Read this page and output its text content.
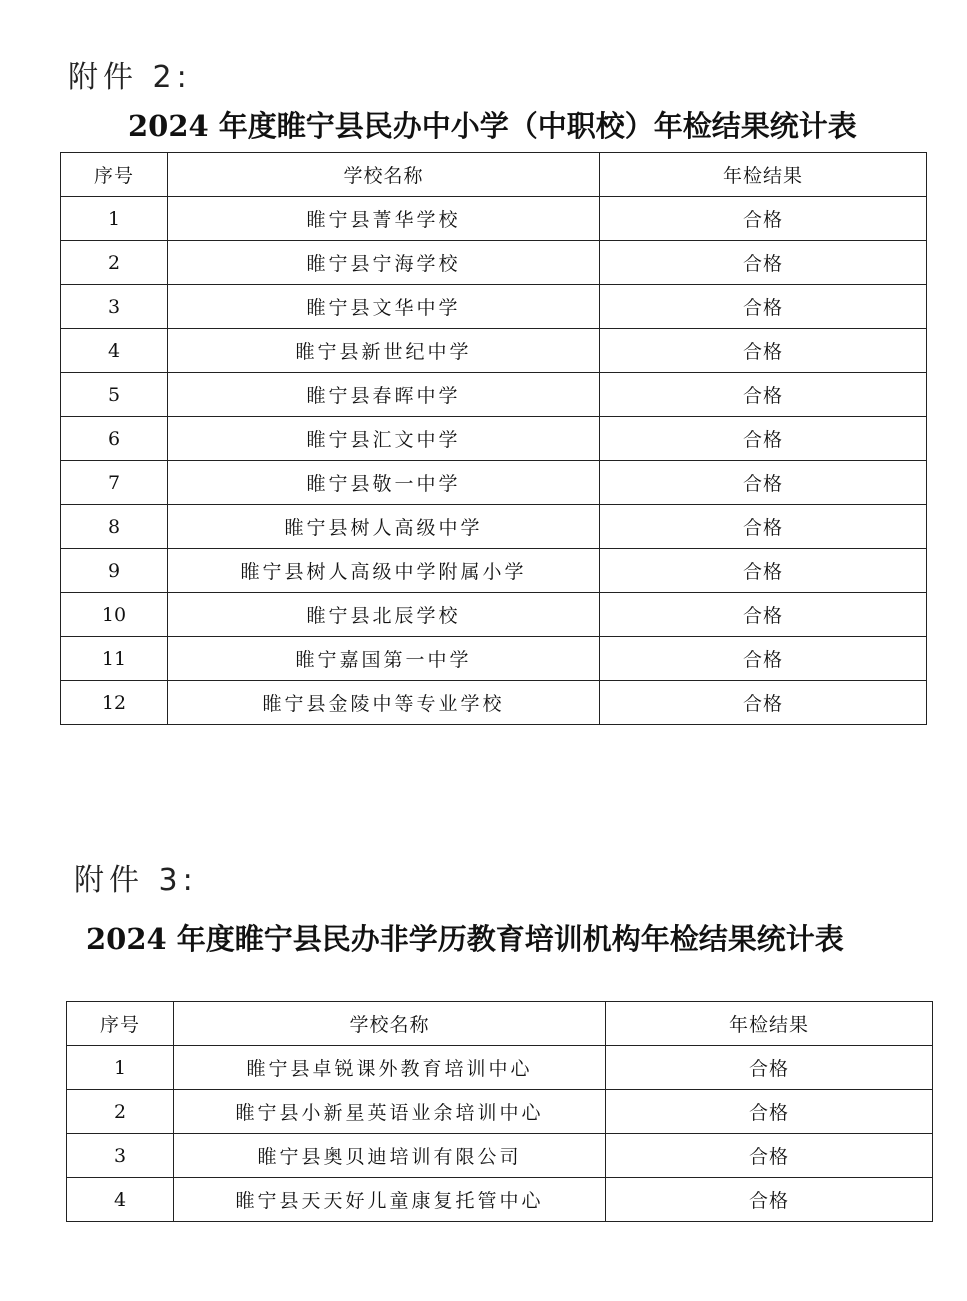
附件 2:
2024 年度睢宁县民办中小学（中职校）年检结果统计表
序号	学校名称	年检结果
1	睢宁县菁华学校	合格
2	睢宁县宁海学校	合格
3	睢宁县文华中学	合格
4	睢宁县新世纪中学	合格
5	睢宁县春晖中学	合格
6	睢宁县汇文中学	合格
7	睢宁县敬一中学	合格
8	睢宁县树人高级中学	合格
9	睢宁县树人高级中学附属小学	合格
10	睢宁县北辰学校	合格
11	睢宁嘉国第一中学	合格
12	睢宁县金陵中等专业学校	合格
附件 3:
2024 年度睢宁县民办非学历教育培训机构年检结果统计表
序号	学校名称	年检结果
1	睢宁县卓锐课外教育培训中心	合格
2	睢宁县小新星英语业余培训中心	合格
3	睢宁县奥贝迪培训有限公司	合格
4	睢宁县天天好儿童康复托管中心	合格
